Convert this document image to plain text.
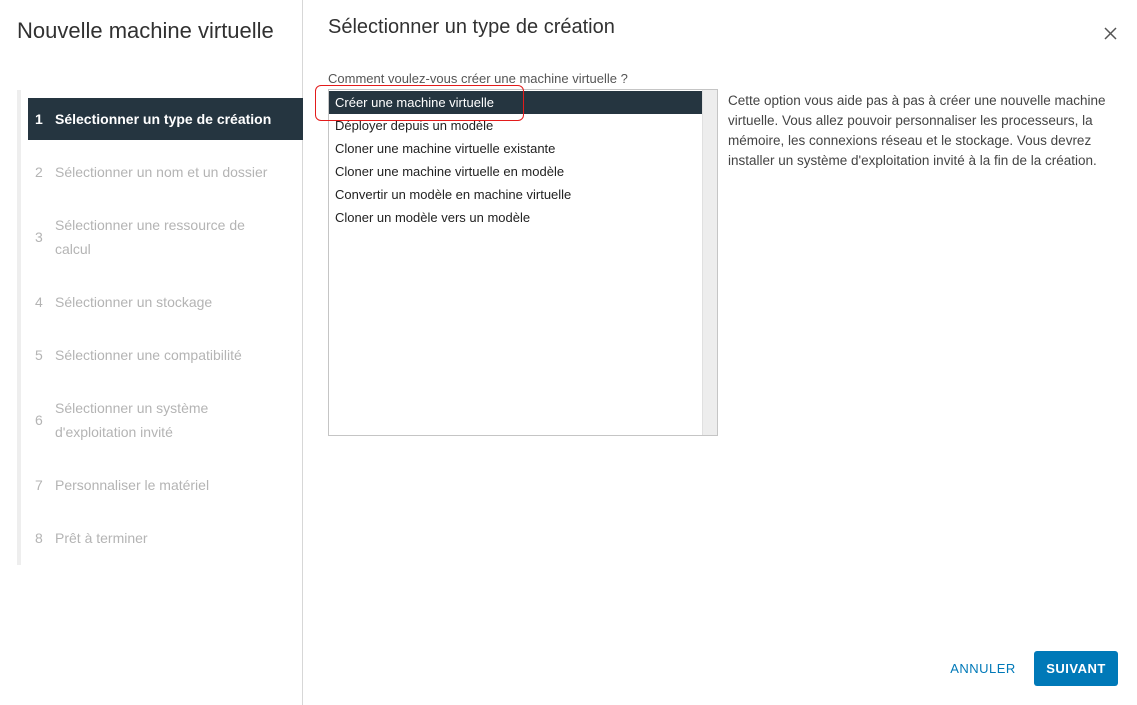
Nouvelle machine virtuelle
1 Sélectionner un type de création
2 Sélectionner un nom et un dossier
3
Sélectionner une ressource de calcul
4 Sélectionner un stockage
5 Sélectionner une compatibilité
6
Sélectionner un système d'exploitation invité
7 Personnaliser le matériel
8 Prêt à terminer
Sélectionner un type de création
Comment voulez-vous créer une machine virtuelle ?
Créer une machine virtuelle
Déployer depuis un modèle
Cloner une machine virtuelle existante
Cloner une machine virtuelle en modèle
Convertir un modèle en machine virtuelle
Cloner un modèle vers un modèle
Cette option vous aide pas à pas à créer une nouvelle machine virtuelle. Vous allez pouvoir personnaliser les processeurs, la mémoire, les connexions réseau et le stockage. Vous devrez installer un système d'exploitation invité à la fin de la création.
ANNULER	SUIVANT
